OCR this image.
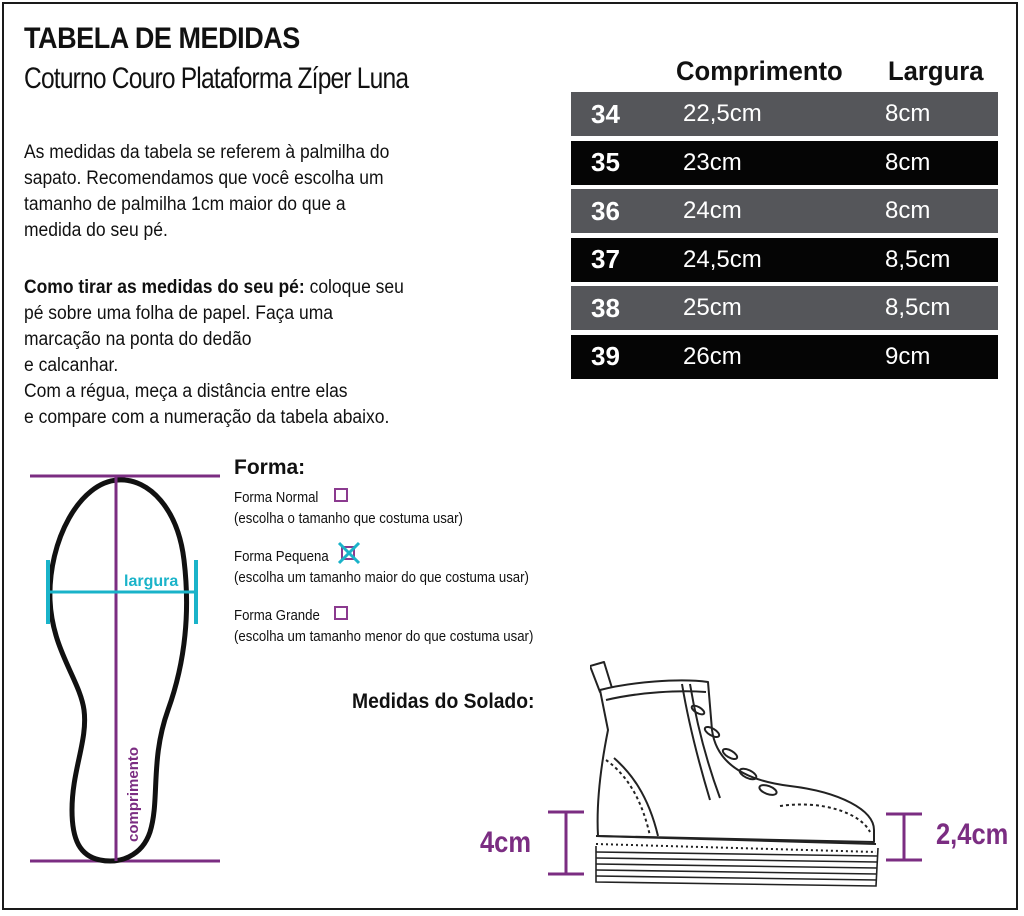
TABELA DE MEDIDAS
Coturno Couro Plataforma Zíper Luna
As medidas da tabela se referem à palmilha do
sapato. Recomendamos que você escolha um
tamanho de palmilha 1cm maior do que a
medida do seu pé.
Como tirar as medidas do seu pé: coloque seu
pé sobre uma folha de papel. Faça uma
marcação na ponta do dedão
e calcanhar.
Com a régua, meça a distância entre elas
e compare com a numeração da tabela abaixo.
Comprimento Largura
34	22,5cm	8cm
35	23cm	8cm
36	24cm	8cm
37	24,5cm	8,5cm
38	25cm	8,5cm
39	26cm	9cm
largura
comprimento
Forma:
Forma Normal
(escolha o tamanho que costuma usar)
Forma Pequena
(escolha um tamanho maior do que costuma usar)
Forma Grande
(escolha um tamanho menor do que costuma usar)
Medidas do Solado:
4cm	2,4cm
